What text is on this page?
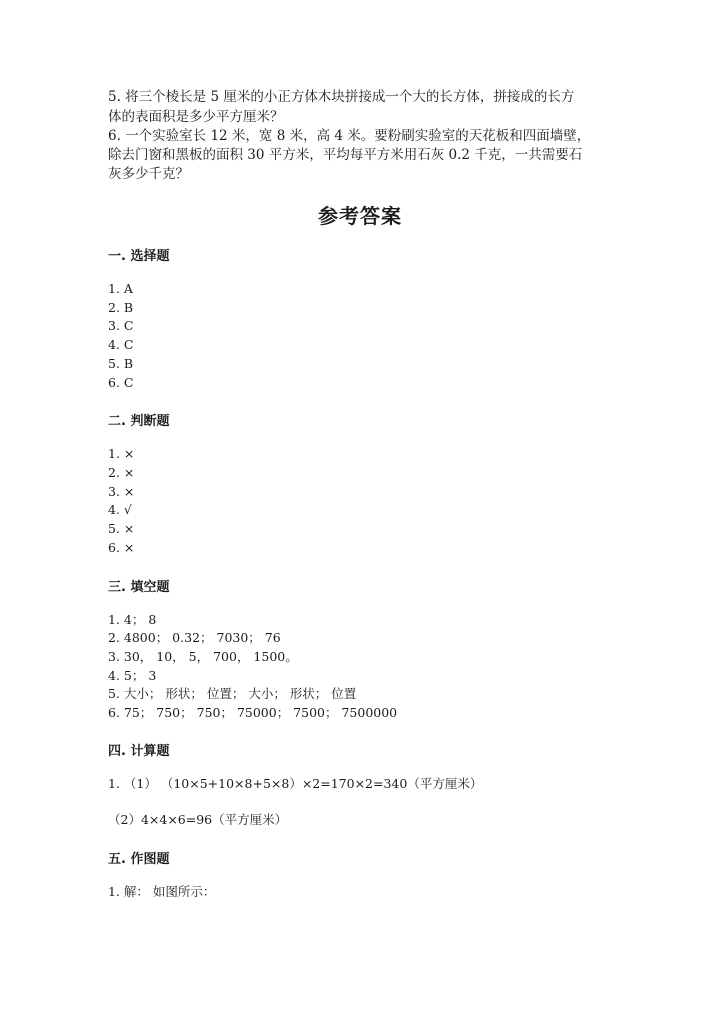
5. 将三个棱长是 5 厘米的小正方体木块拼接成一个大的长方体，拼接成的长方
体的表面积是多少平方厘米？
6. 一个实验室长 12 米，宽 8 米，高 4 米。要粉刷实验室的天花板和四面墙壁，
除去门窗和黑板的面积 30 平方米，平均每平方米用石灰 0.2 千克，一共需要石
灰多少千克？
参考答案
一. 选择题
1. A
2. B
3. C
4. C
5. B
6. C
二. 判断题
1. ×
2. ×
3. ×
4. √
5. ×
6. ×
三. 填空题
1. 4； 8
2. 4800； 0.32； 7030； 76
3. 30， 10， 5， 700， 1500。
4. 5； 3
5. 大小； 形状； 位置； 大小； 形状； 位置
6. 75； 750； 750； 75000； 7500； 7500000
四. 计算题
1. （1） （10×5+10×8+5×8）×2=170×2=340（平方厘米）
（2）4×4×6=96（平方厘米）
五. 作图题
1. 解： 如图所示：
